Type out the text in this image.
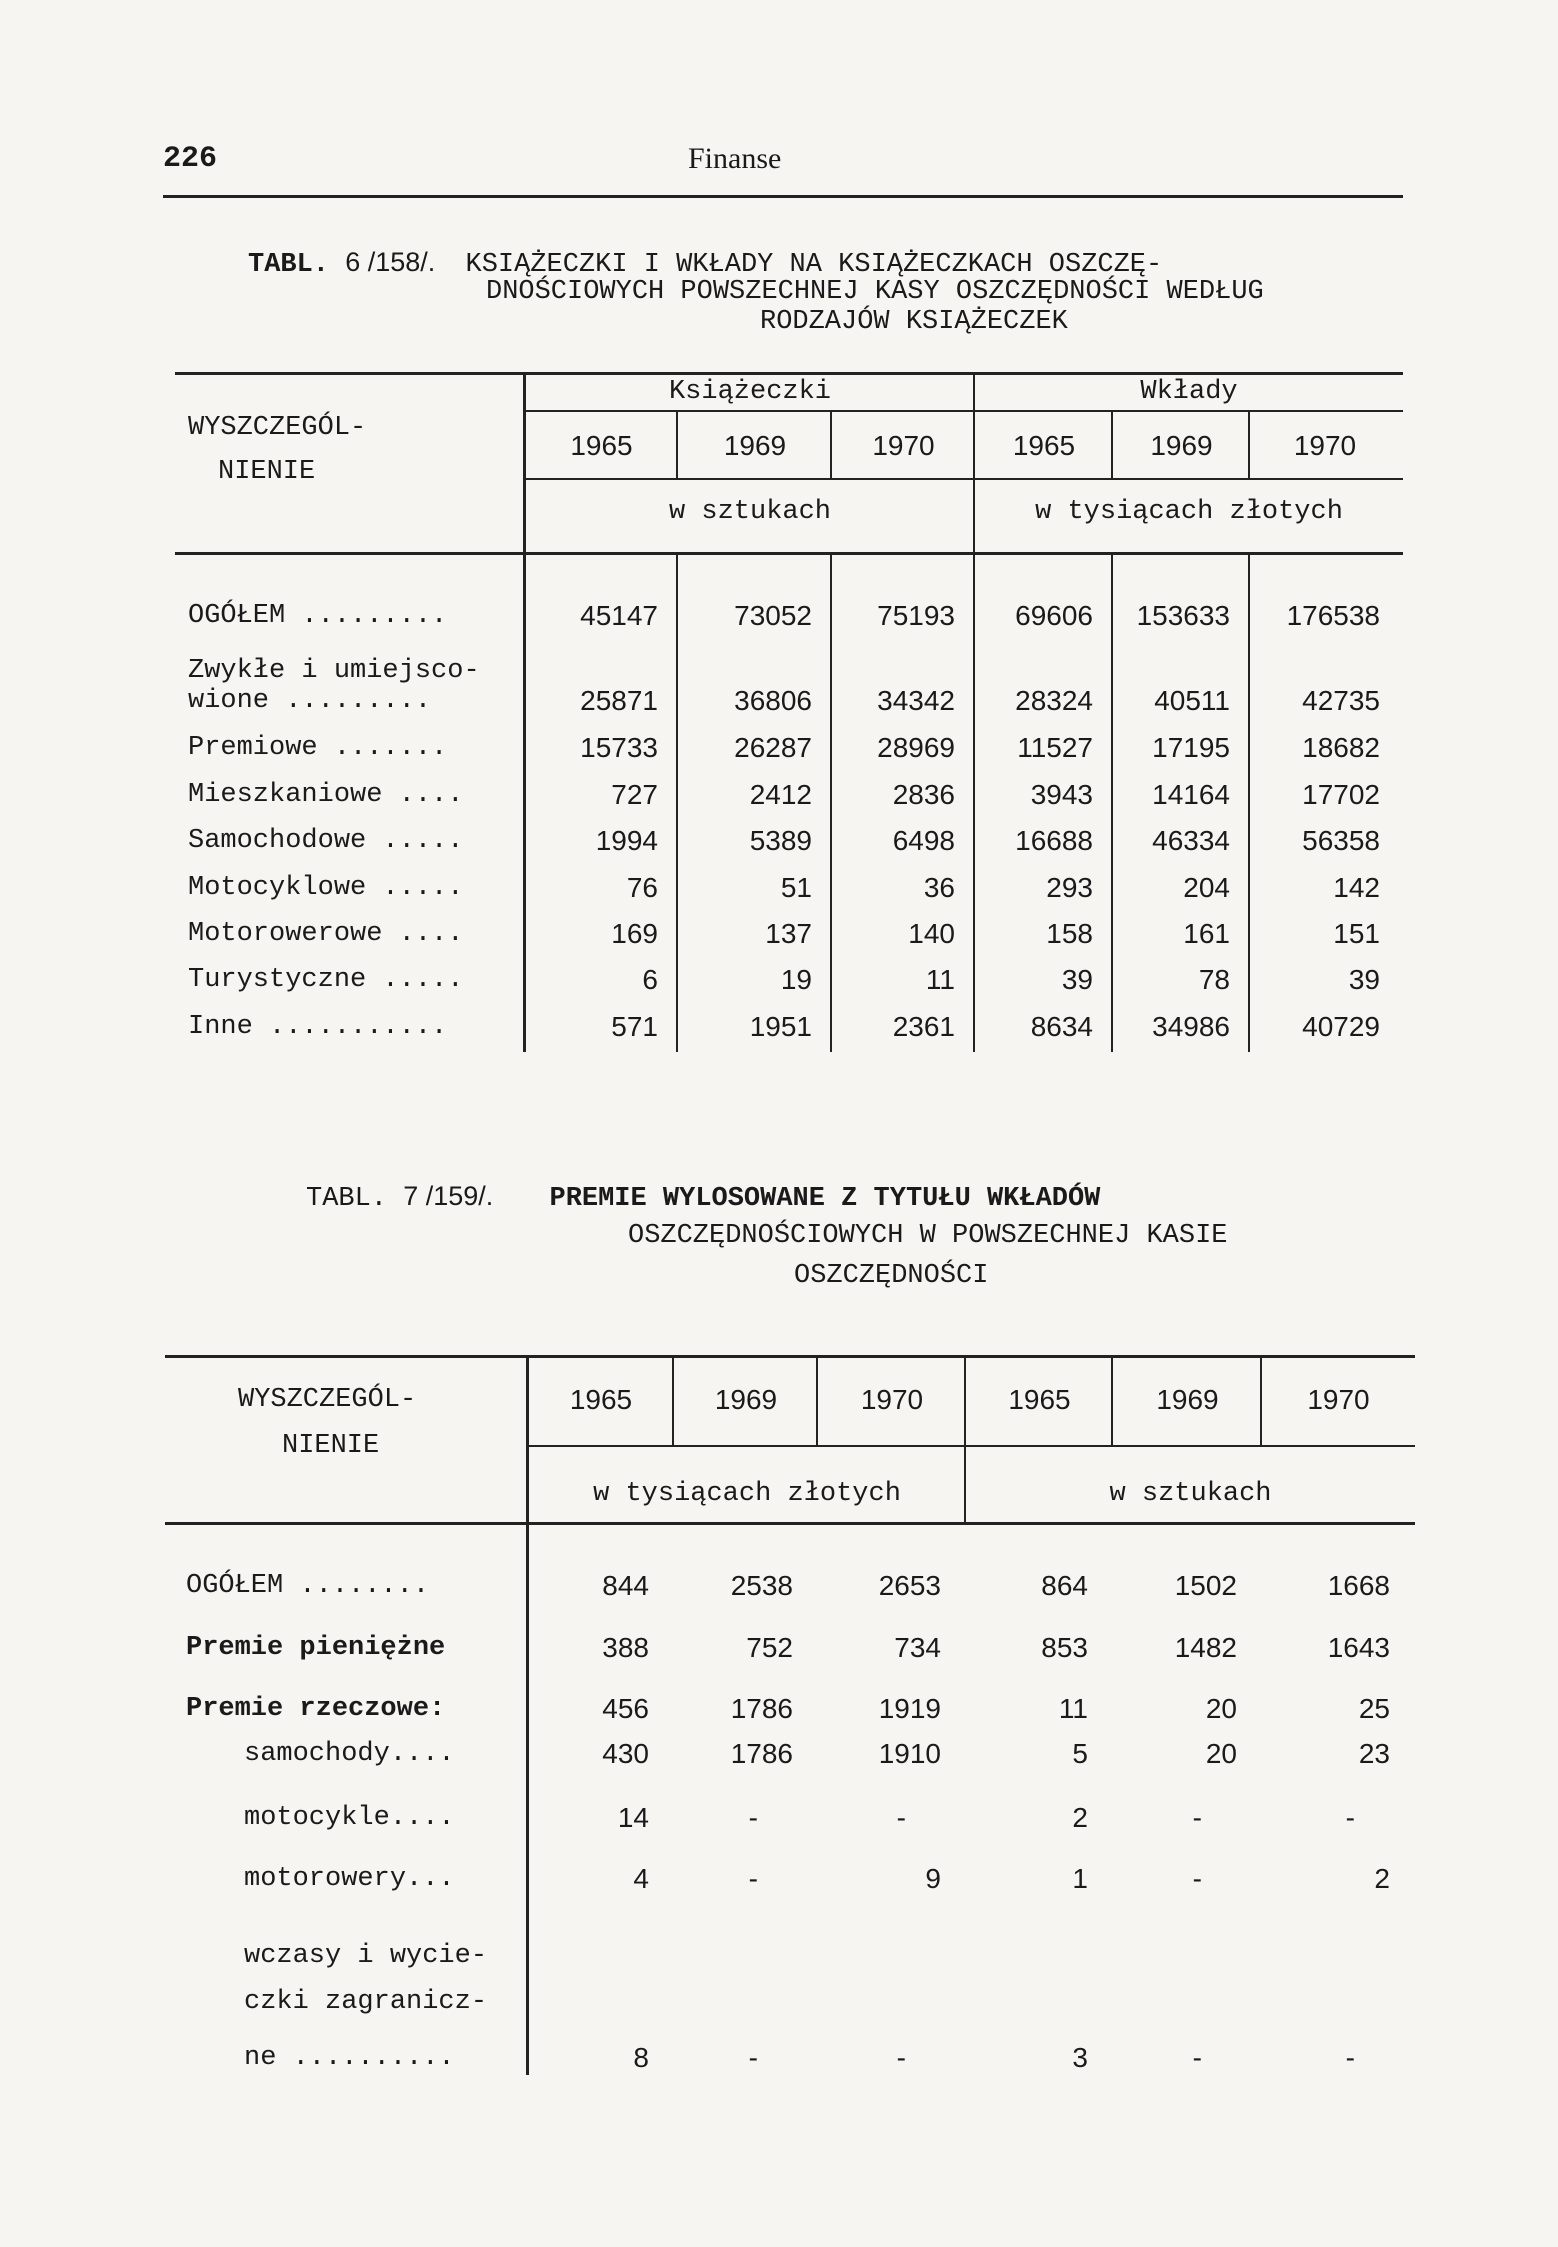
226	Finanse
TABL. 6 /158/. KSIĄŻECZKI I WKŁADY NA KSIĄŻECZKACH OSZCZĘ-
DNOŚCIOWYCH POWSZECHNEJ KASY OSZCZĘDNOŚCI WEDŁUG
RODZAJÓW KSIĄŻECZEK
WYSZCZEGÓL-
NIENIE
Książeczki	Wkłady
1965	1969	1970	1965	1969	1970
w sztukach	w tysiącach złotych
OGÓŁEM .........	45147	73052	75193	69606	153633	176538
Zwykłe i umiejsco-
wione .........	25871	36806	34342	28324	40511	42735
Premiowe .......	15733	26287	28969	11527	17195	18682
Mieszkaniowe ....	727	2412	2836	3943	14164	17702
Samochodowe .....	1994	5389	6498	16688	46334	56358
Motocyklowe .....	76	51	36	293	204	142
Motorowerowe ....	169	137	140	158	161	151
Turystyczne .....	6	19	11	39	78	39
Inne ...........	571	1951	2361	8634	34986	40729
TABL. 7 /159/. PREMIE WYLOSOWANE Z TYTUŁU WKŁADÓW
OSZCZĘDNOŚCIOWYCH W POWSZECHNEJ KASIE
OSZCZĘDNOŚCI
WYSZCZEGÓL-
NIENIE
1965	1969	1970	1965	1969	1970
w tysiącach złotych	w sztukach
OGÓŁEM ........	844	2538	2653	864	1502	1668
Premie pieniężne	388	752	734	853	1482	1643
Premie rzeczowe:	456	1786	1919	11	20	25
samochody....	430	1786	1910	5	20	23
motocykle....	14	-	-	2	-	-
motorowery...	4	-	9	1	-	2
wczasy i wycie-
czki zagranicz-
ne ..........	8	-	-	3	-	-
